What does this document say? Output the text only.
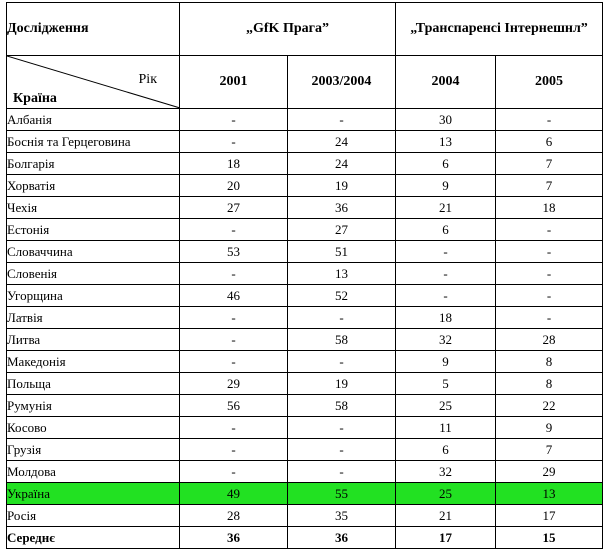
Дослідження	„GfK Прага”		„Транспаренсі Інтернешнл”	

Рік
Країна	2001	2003/2004	2004	2005
Албанія	-	-	30	-
Боснія та Герцеговина	-	24	13	6
Болгарія	18	24	6	7
Хорватія	20	19	9	7
Чехія	27	36	21	18
Естонія	-	27	6	-
Словаччина	53	51	-	-
Словенія	-	13	-	-
Угорщина	46	52	-	-
Латвія	-	-	18	-
Литва	-	58	32	28
Македонія	-	-	9	8
Польща	29	19	5	8
Румунія	56	58	25	22
Косово	-	-	11	9
Грузія	-	-	6	7
Молдова	-	-	32	29
Україна	49	55	25	13
Росія	28	35	21	17
Середнє	36	36	17	15
